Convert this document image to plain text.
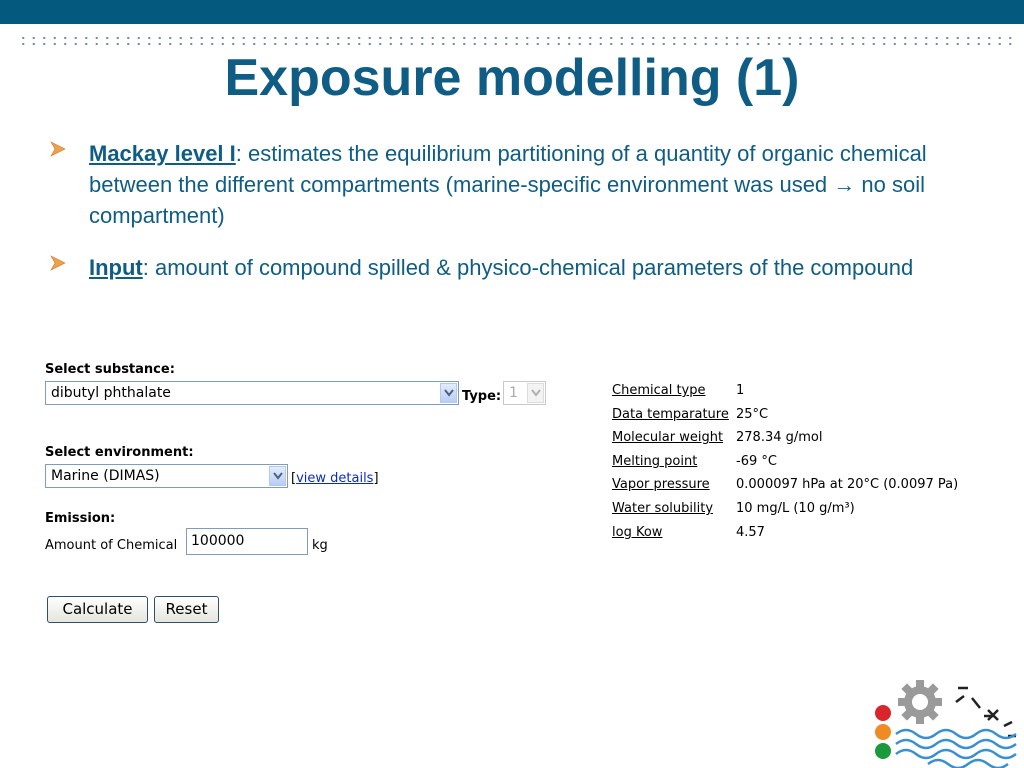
Exposure modelling (1)
Mackay level I: estimates the equilibrium partitioning of a quantity of organic chemical between the different compartments (marine-specific environment was used → no soil compartment)
Input: amount of compound spilled & physico-chemical parameters of the compound
Select substance:
dibutyl phthalate	Type: 1
Select environment:
Marine (DIMAS)	[view details]
Emission:
Amount of Chemical 100000	kg
Calculate	Reset
Chemical type 1
Data temparature 25°C
Molecular weight 278.34 g/mol
Melting point	-69 °C
Vapor pressure 0.000097 hPa at 20°C (0.0097 Pa)
Water solubility 10 mg/L (10 g/m³)
log Kow	4.57
